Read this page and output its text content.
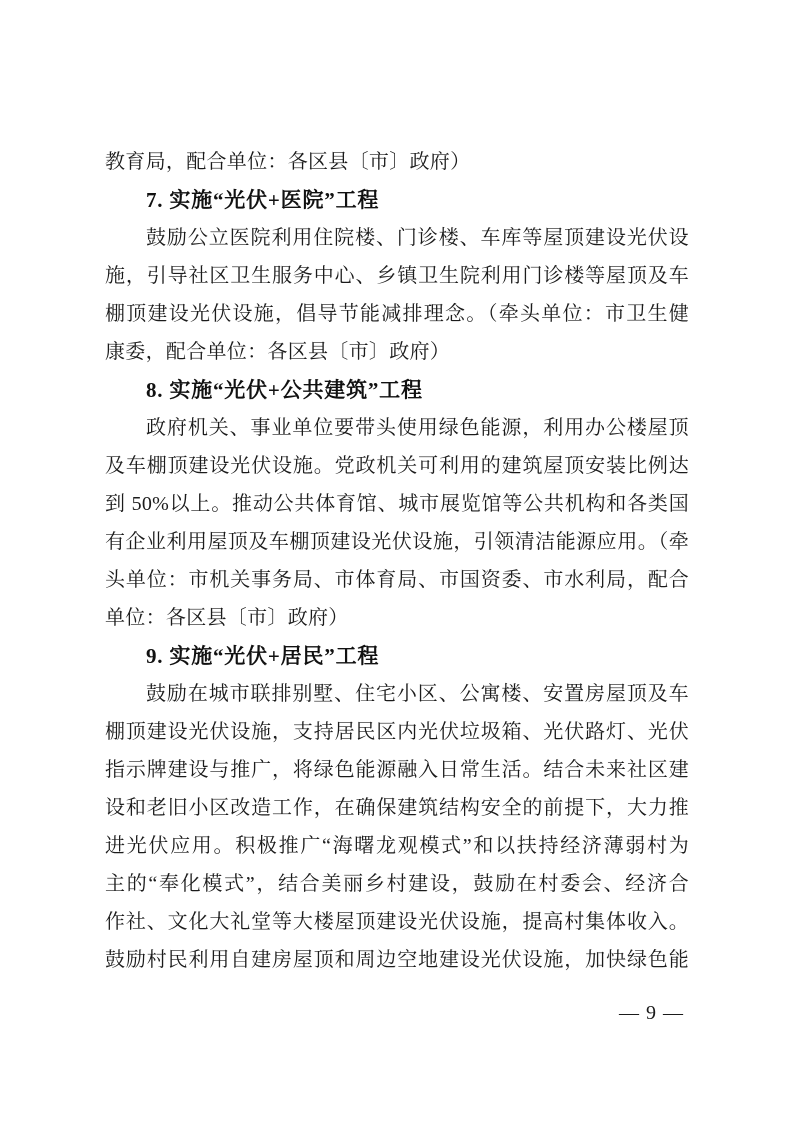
教育局，配合单位：各区县〔市〕政府）
7. 实施“光伏+医院”工程
鼓励公立医院利用住院楼、门诊楼、车库等屋顶建设光伏设
施，引导社区卫生服务中心、乡镇卫生院利用门诊楼等屋顶及车
棚顶建设光伏设施，倡导节能减排理念。（牵头单位：市卫生健
康委，配合单位：各区县〔市〕政府）
8. 实施“光伏+公共建筑”工程
政府机关、事业单位要带头使用绿色能源，利用办公楼屋顶
及车棚顶建设光伏设施。党政机关可利用的建筑屋顶安装比例达
到 50%以上。推动公共体育馆、城市展览馆等公共机构和各类国
有企业利用屋顶及车棚顶建设光伏设施，引领清洁能源应用。（牵
头单位：市机关事务局、市体育局、市国资委、市水利局，配合
单位：各区县〔市〕政府）
9. 实施“光伏+居民”工程
鼓励在城市联排别墅、住宅小区、公寓楼、安置房屋顶及车
棚顶建设光伏设施，支持居民区内光伏垃圾箱、光伏路灯、光伏
指示牌建设与推广，将绿色能源融入日常生活。结合未来社区建
设和老旧小区改造工作，在确保建筑结构安全的前提下，大力推
进光伏应用。积极推广“海曙龙观模式”和以扶持经济薄弱村为
主的“奉化模式”，结合美丽乡村建设，鼓励在村委会、经济合
作社、文化大礼堂等大楼屋顶建设光伏设施，提高村集体收入。
鼓励村民利用自建房屋顶和周边空地建设光伏设施，加快绿色能
— 9 —
